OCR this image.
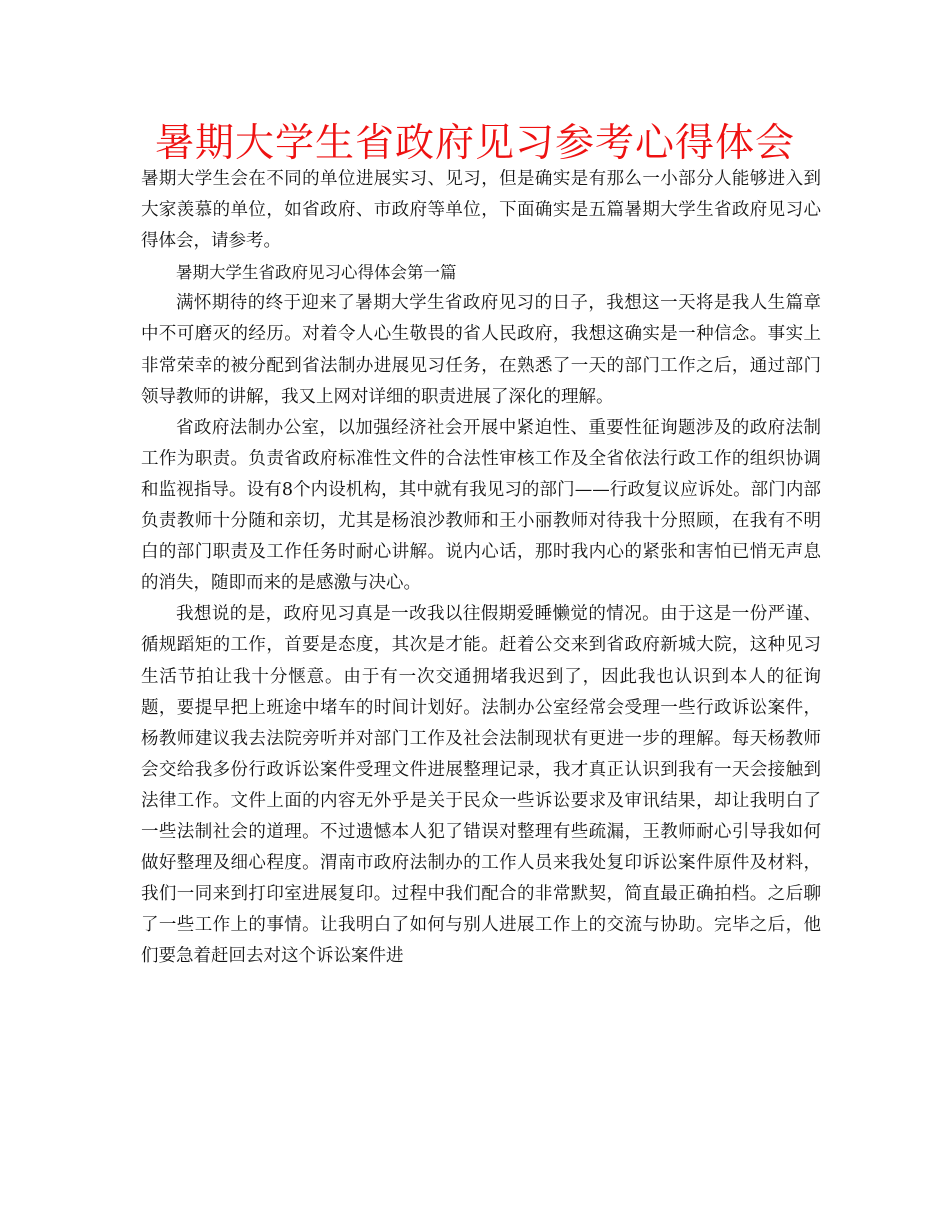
暑期大学生省政府见习参考心得体会

暑期大学生会在不同的单位进展实习、见习，但是确实是有那么一小部分人能够进入到大家羡慕的单位，如省政府、市政府等单位，下面确实是五篇暑期大学生省政府见习心得体会，请参考。

暑期大学生省政府见习心得体会第一篇

满怀期待的终于迎来了暑期大学生省政府见习的日子，我想这一天将是我人生篇章中不可磨灭的经历。对着令人心生敬畏的省人民政府，我想这确实是一种信念。事实上非常荣幸的被分配到省法制办进展见习任务，在熟悉了一天的部门工作之后，通过部门领导教师的讲解，我又上网对详细的职责进展了深化的理解。

省政府法制办公室，以加强经济社会开展中紧迫性、重要性征询题涉及的政府法制工作为职责。负责省政府标准性文件的合法性审核工作及全省依法行政工作的组织协调和监视指导。设有8个内设机构，其中就有我见习的部门——行政复议应诉处。部门内部负责教师十分随和亲切，尤其是杨浪沙教师和王小丽教师对待我十分照顾，在我有不明白的部门职责及工作任务时耐心讲解。说内心话，那时我内心的紧张和害怕已悄无声息的消失，随即而来的是感激与决心。

我想说的是，政府见习真是一改我以往假期爱睡懒觉的情况。由于这是一份严谨、循规蹈矩的工作，首要是态度，其次是才能。赶着公交来到省政府新城大院，这种见习生活节拍让我十分惬意。由于有一次交通拥堵我迟到了，因此我也认识到本人的征询题，要提早把上班途中堵车的时间计划好。法制办公室经常会受理一些行政诉讼案件，杨教师建议我去法院旁听并对部门工作及社会法制现状有更进一步的理解。每天杨教师会交给我多份行政诉讼案件受理文件进展整理记录，我才真正认识到我有一天会接触到法律工作。文件上面的内容无外乎是关于民众一些诉讼要求及审讯结果，却让我明白了一些法制社会的道理。不过遗憾本人犯了错误对整理有些疏漏，王教师耐心引导我如何做好整理及细心程度。渭南市政府法制办的工作人员来我处复印诉讼案件原件及材料，我们一同来到打印室进展复印。过程中我们配合的非常默契，简直最正确拍档。之后聊了一些工作上的事情。让我明白了如何与别人进展工作上的交流与协助。完毕之后，他们要急着赶回去对这个诉讼案件进
